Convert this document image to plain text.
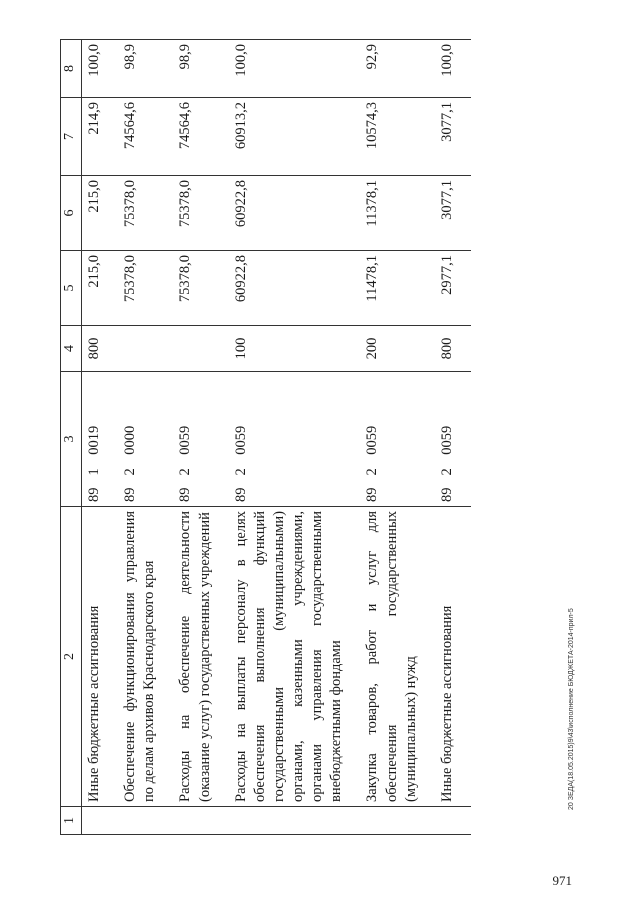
1	2	3	4	5	6	7	8
	Иные бюджетные ассигнования	8910019	800	215,0	215,0	214,9	100,0
	Обеспечение функционирования управления по делам архивов Краснодарского края	8920000		75378,0	75378,0	74564,6	98,9
	Расходы на обеспечение деятельности (оказание услуг) государственных учреждений	8920059		75378,0	75378,0	74564,6	98,9
	Расходы на выплаты персоналу в целях обеспечения выполнения функций государственными (муниципальными) органами, казенными учреждениями, органами управления государственными внебюджетными фондами	8920059	100	60922,8	60922,8	60913,2	100,0
	Закупка товаров, работ и услуг для обеспечения государственных (муниципальных) нужд	8920059	200	11478,1	11378,1	10574,3	92,9
	Иные бюджетные ассигнования	8920059	800	2977,1	3077,1	3077,1	100,0
20 ЗЕДА(18.05.2015)9\43\исполнение БЮДЖЕТА-2014-прил-5
971
